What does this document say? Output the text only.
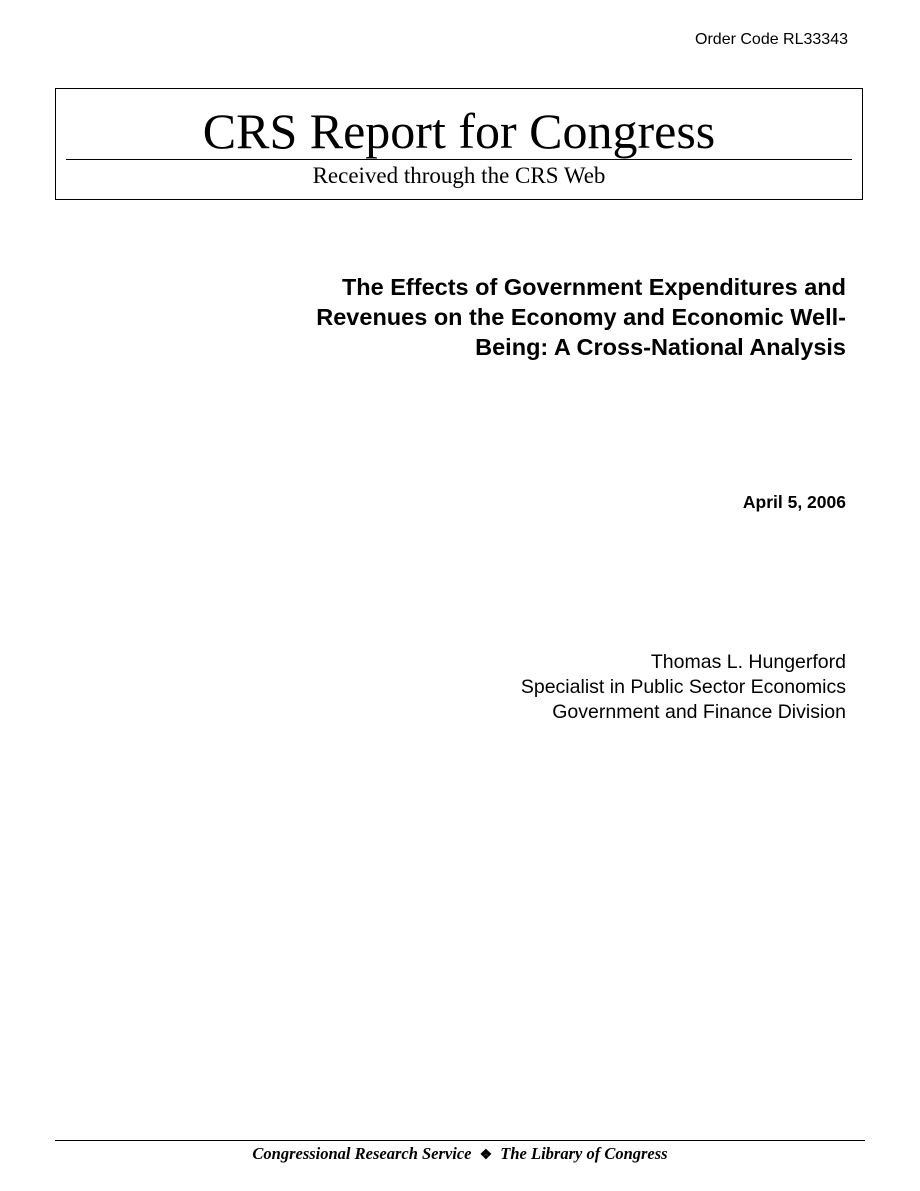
Order Code RL33343
CRS Report for Congress
Received through the CRS Web
The Effects of Government Expenditures and
Revenues on the Economy and Economic Well-
Being: A Cross-National Analysis
April 5, 2006
Thomas L. Hungerford
Specialist in Public Sector Economics
Government and Finance Division
Congressional Research Service ❖ The Library of Congress
